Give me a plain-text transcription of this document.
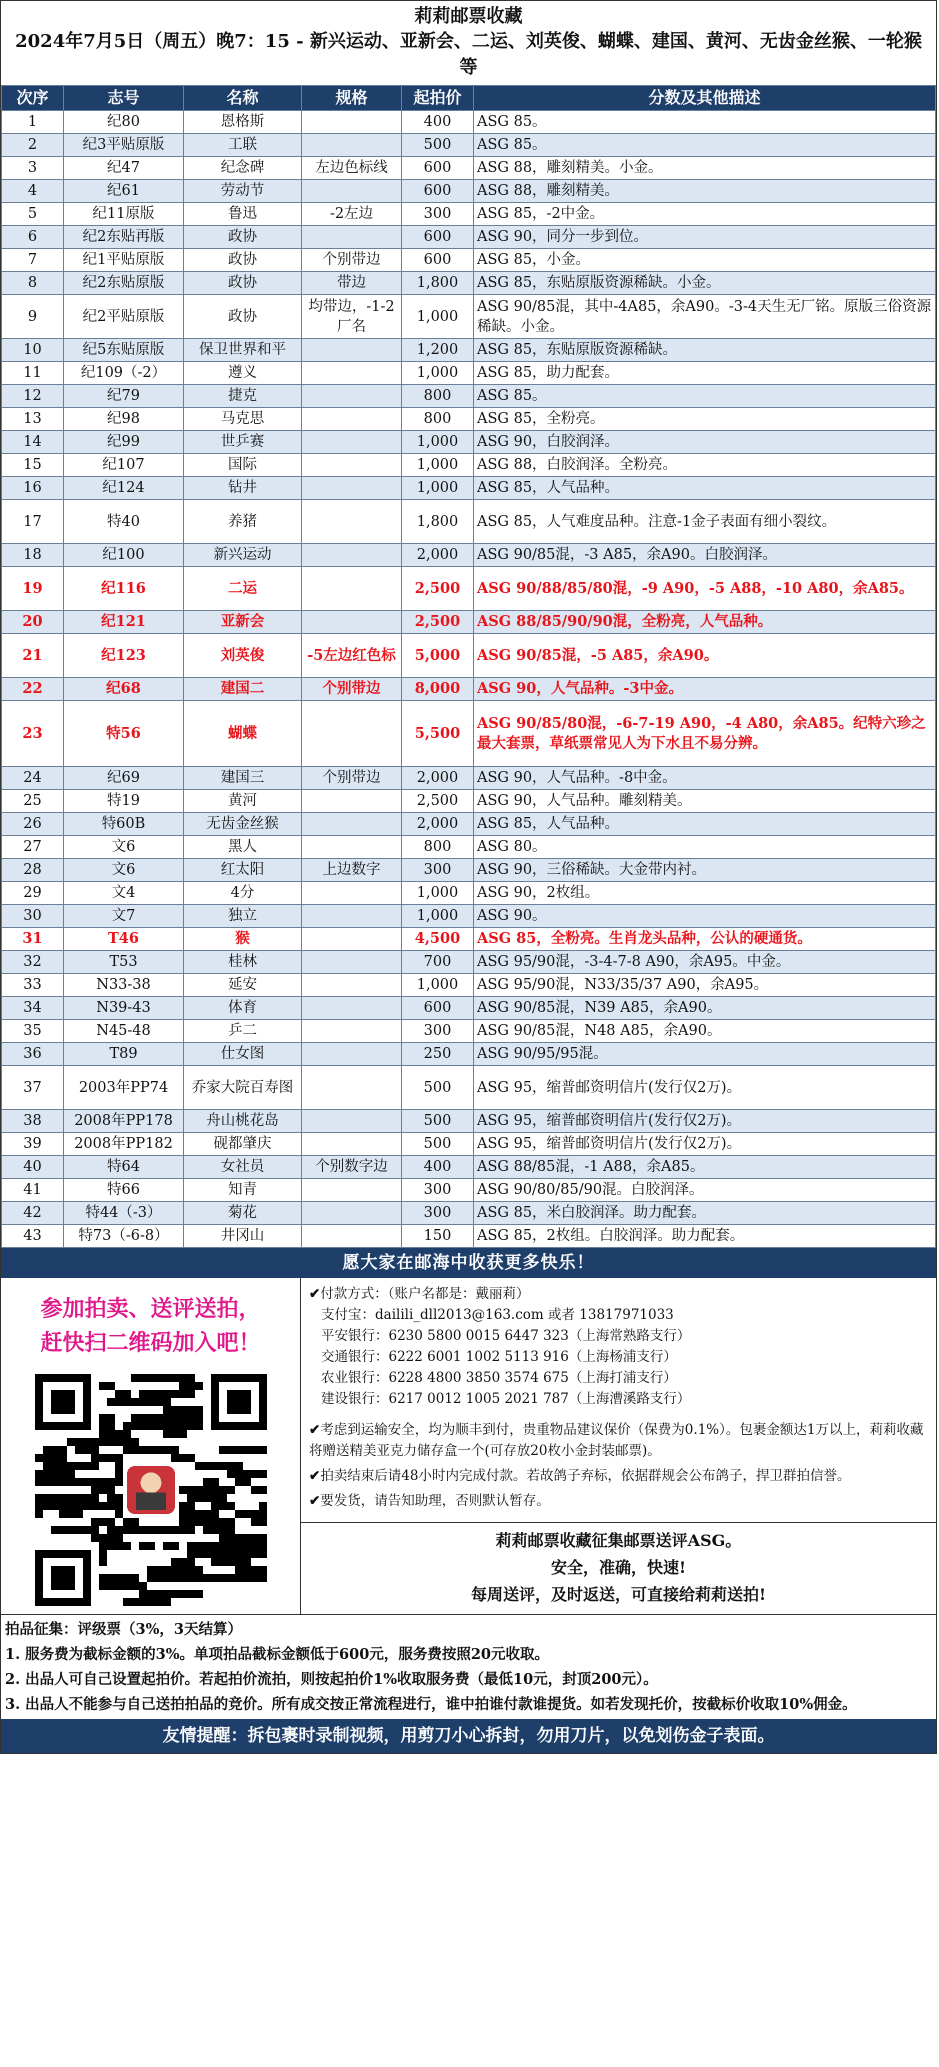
莉莉邮票收藏
2024年7月5日（周五）晚7：15 - 新兴运动、亚新会、二运、刘英俊、蝴蝶、建国、黄河、无齿金丝猴、一轮猴等
次序	志号	名称	规格	起拍价	分数及其他描述
1	纪80	恩格斯		400	ASG 85。
2	纪3平贴原版	工联		500	ASG 85。
3	纪47	纪念碑	左边色标线	600	ASG 88，雕刻精美。小金。
4	纪61	劳动节		600	ASG 88，雕刻精美。
5	纪11原版	鲁迅	-2左边	300	ASG 85，-2中金。
6	纪2东贴再版	政协		600	ASG 90，同分一步到位。
7	纪1平贴原版	政协	个别带边	600	ASG 85，小金。
8	纪2东贴原版	政协	带边	1,800	ASG 85，东贴原版资源稀缺。小金。
9	纪2平贴原版	政协	均带边，-1-2厂名	1,000	ASG 90/85混，其中-4A85，余A90。-3-4天生无厂铭。原版三俗资源稀缺。小金。
10	纪5东贴原版	保卫世界和平		1,200	ASG 85，东贴原版资源稀缺。
11	纪109（-2）	遵义		1,000	ASG 85，助力配套。
12	纪79	捷克		800	ASG 85。
13	纪98	马克思		800	ASG 85，全粉亮。
14	纪99	世乒赛		1,000	ASG 90，白胶润泽。
15	纪107	国际		1,000	ASG 88，白胶润泽。全粉亮。
16	纪124	钻井		1,000	ASG 85，人气品种。
17	特40	养猪		1,800	ASG 85，人气难度品种。注意-1金子表面有细小裂纹。
18	纪100	新兴运动		2,000	ASG 90/85混，-3 A85，余A90。白胶润泽。
19	纪116	二运		2,500	ASG 90/88/85/80混，-9 A90，-5 A88，-10 A80，余A85。
20	纪121	亚新会		2,500	ASG 88/85/90/90混，全粉亮，人气品种。
21	纪123	刘英俊	-5左边红色标	5,000	ASG 90/85混，-5 A85，余A90。
22	纪68	建国二	个别带边	8,000	ASG 90，人气品种。-3中金。
23	特56	蝴蝶		5,500	ASG 90/85/80混，-6-7-19 A90，-4 A80，余A85。纪特六珍之最大套票，草纸票常见人为下水且不易分辨。
24	纪69	建国三	个别带边	2,000	ASG 90，人气品种。-8中金。
25	特19	黄河		2,500	ASG 90，人气品种。雕刻精美。
26	特60B	无齿金丝猴		2,000	ASG 85，人气品种。
27	文6	黑人		800	ASG 80。
28	文6	红太阳	上边数字	300	ASG 90，三俗稀缺。大金带内衬。
29	文4	4分		1,000	ASG 90，2枚组。
30	文7	独立		1,000	ASG 90。
31	T46	猴		4,500	ASG 85，全粉亮。生肖龙头品种，公认的硬通货。
32	T53	桂林		700	ASG 95/90混，-3-4-7-8 A90，余A95。中金。
33	N33-38	延安		1,000	ASG 95/90混，N33/35/37 A90，余A95。
34	N39-43	体育		600	ASG 90/85混，N39 A85，余A90。
35	N45-48	乒二		300	ASG 90/85混，N48 A85，余A90。
36	T89	仕女图		250	ASG 90/95/95混。
37	2003年PP74	乔家大院百寿图		500	ASG 95，缩普邮资明信片(发行仅2万)。
38	2008年PP178	舟山桃花岛		500	ASG 95，缩普邮资明信片(发行仅2万)。
39	2008年PP182	砚都肇庆		500	ASG 95，缩普邮资明信片(发行仅2万)。
40	特64	女社员	个别数字边	400	ASG 88/85混，-1 A88，余A85。
41	特66	知青		300	ASG 90/80/85/90混。白胶润泽。
42	特44（-3）	菊花		300	ASG 85，米白胶润泽。助力配套。
43	特73（-6-8）	井冈山		150	ASG 85，2枚组。白胶润泽。助力配套。
愿大家在邮海中收获更多快乐！
参加拍卖、送评送拍，
赶快扫二维码加入吧！
✔付款方式：（账户名都是：戴丽莉）
支付宝：dailili_dll2013@163.com 或者 13817971033
平安银行：6230 5800 0015 6447 323（上海常熟路支行）
交通银行：6222 6001 1002 5113 916（上海杨浦支行）
农业银行：6228 4800 3850 3574 675（上海打浦支行）
建设银行：6217 0012 1005 2021 787（上海漕溪路支行）

✔考虑到运输安全，均为顺丰到付，贵重物品建议保价（保费为0.1%）。包裹金额达1万以上，莉莉收藏将赠送精美亚克力储存盒一个(可存放20枚小金封装邮票)。

✔拍卖结束后请48小时内完成付款。若故鸽子弃标，依据群规会公布鸽子，捍卫群拍信誉。

✔要发货，请告知助理，否则默认暂存。

莉莉邮票收藏征集邮票送评ASG。
安全，准确，快速!
每周送评，及时返送，可直接给莉莉送拍!
拍品征集：评级票（3%，3天结算）
1. 服务费为截标金额的3%。单项拍品截标金额低于600元，服务费按照20元收取。
2. 出品人可自己设置起拍价。若起拍价流拍，则按起拍价1%收取服务费（最低10元，封顶200元）。
3. 出品人不能参与自己送拍拍品的竞价。所有成交按正常流程进行，谁中拍谁付款谁提货。如若发现托价，按截标价收取10%佣金。
友情提醒：拆包裹时录制视频，用剪刀小心拆封，勿用刀片，以免划伤金子表面。
